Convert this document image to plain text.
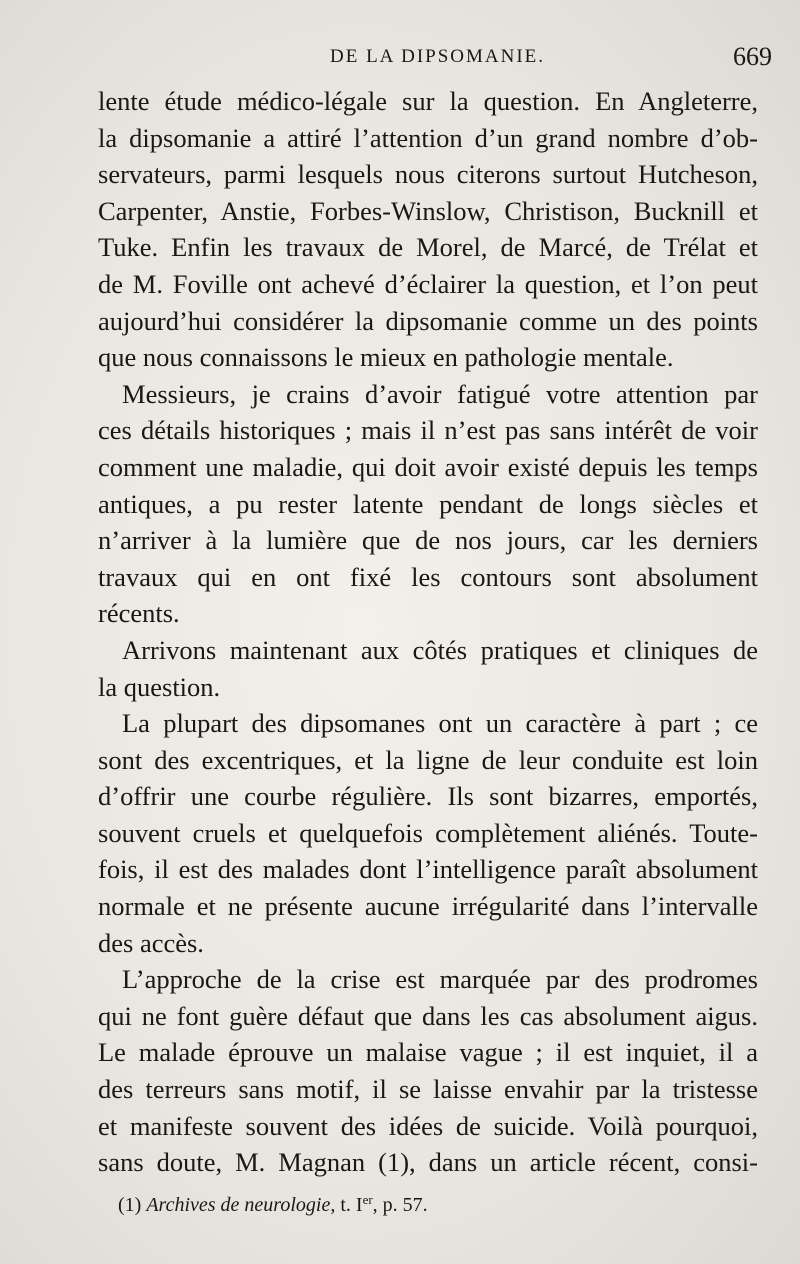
DE LA DIPSOMANIE.	669
lente étude médico-légale sur la question. En Angleterre,
la dipsomanie a attiré l’attention d’un grand nombre d’ob-
servateurs, parmi lesquels nous citerons surtout Hutcheson,
Carpenter, Anstie, Forbes-Winslow, Christison, Bucknill et
Tuke. Enfin les travaux de Morel, de Marcé, de Trélat et
de M. Foville ont achevé d’éclairer la question, et l’on peut
aujourd’hui considérer la dipsomanie comme un des points
que nous connaissons le mieux en pathologie mentale.
Messieurs, je crains d’avoir fatigué votre attention par
ces détails historiques ; mais il n’est pas sans intérêt de voir
comment une maladie, qui doit avoir existé depuis les temps
antiques, a pu rester latente pendant de longs siècles et
n’arriver à la lumière que de nos jours, car les derniers
travaux qui en ont fixé les contours sont absolument
récents.
Arrivons maintenant aux côtés pratiques et cliniques de
la question.
La plupart des dipsomanes ont un caractère à part ; ce
sont des excentriques, et la ligne de leur conduite est loin
d’offrir une courbe régulière. Ils sont bizarres, emportés,
souvent cruels et quelquefois complètement aliénés. Toute-
fois, il est des malades dont l’intelligence paraît absolument
normale et ne présente aucune irrégularité dans l’intervalle
des accès.
L’approche de la crise est marquée par des prodromes
qui ne font guère défaut que dans les cas absolument aigus.
Le malade éprouve un malaise vague ; il est inquiet, il a
des terreurs sans motif, il se laisse envahir par la tristesse
et manifeste souvent des idées de suicide. Voilà pourquoi,
sans doute, M. Magnan (1), dans un article récent, consi-
(1) Archives de neurologie, t. Ier, p. 57.
